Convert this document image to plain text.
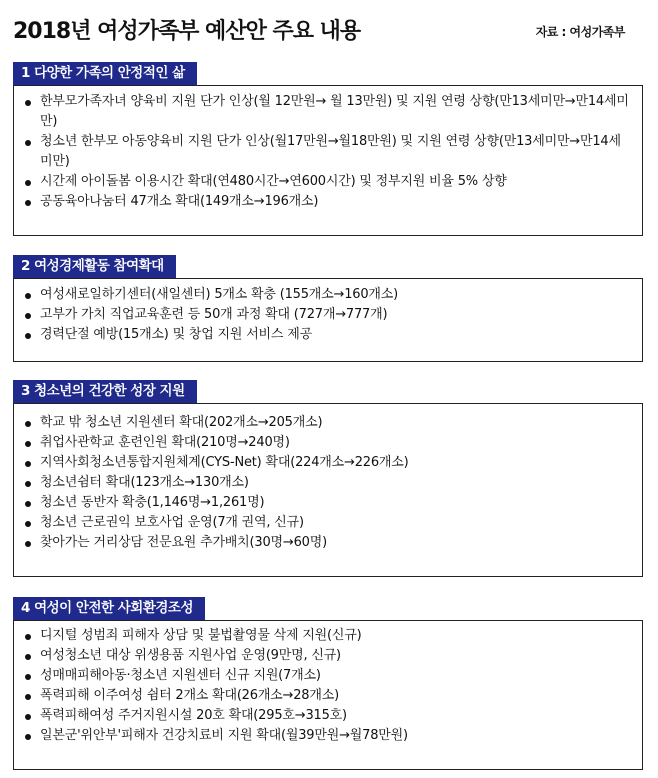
2018년 여성가족부 예산안 주요 내용	자료 : 여성가족부
1 다양한 가족의 안정적인 삶
한부모가족자녀 양육비 지원 단가 인상(월 12만원→ 월 13만원) 및 지원 연령 상향(만13세미만→만14세미만)
청소년 한부모 아동양육비 지원 단가 인상(월17만원→월18만원) 및 지원 연령 상향(만13세미만→만14세미만)
시간제 아이돌봄 이용시간 확대(연480시간→연600시간) 및 정부지원 비율 5% 상향
공동육아나눔터 47개소 확대(149개소→196개소)
2 여성경제활동 참여확대
여성새로일하기센터(새일센터) 5개소 확충 (155개소→160개소)
고부가 가치 직업교육훈련 등 50개 과정 확대 (727개→777개)
경력단절 예방(15개소) 및 창업 지원 서비스 제공
3 청소년의 건강한 성장 지원
학교 밖 청소년 지원센터 확대(202개소→205개소)
취업사관학교 훈련인원 확대(210명→240명)
지역사회청소년통합지원체계(CYS-Net) 확대(224개소→226개소)
청소년쉼터 확대(123개소→130개소)
청소년 동반자 확충(1,146명→1,261명)
청소년 근로권익 보호사업 운영(7개 권역, 신규)
찾아가는 거리상담 전문요원 추가배치(30명→60명)
4 여성이 안전한 사회환경조성
디지털 성범죄 피해자 상담 및 불법촬영물 삭제 지원(신규)
여성청소년 대상 위생용품 지원사업 운영(9만명, 신규)
성매매피해아동·청소년 지원센터 신규 지원(7개소)
폭력피해 이주여성 쉼터 2개소 확대(26개소→28개소)
폭력피해여성 주거지원시설 20호 확대(295호→315호)
일본군'위안부'피해자 건강치료비 지원 확대(월39만원→월78만원)
